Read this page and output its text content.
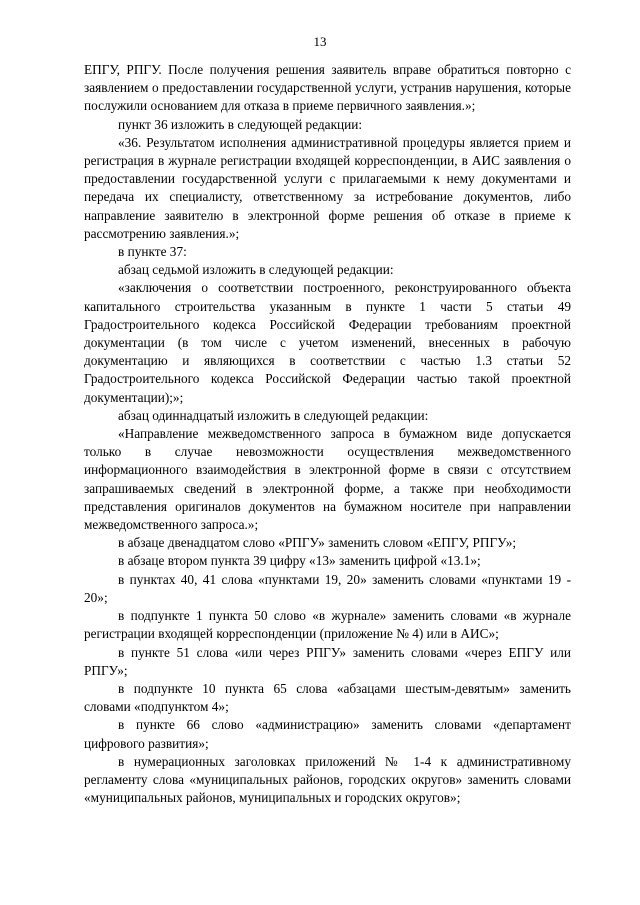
13

ЕПГУ, РПГУ. После получения решения заявитель вправе обратиться повторно с заявлением о предоставлении государственной услуги, устранив нарушения, которые послужили основанием для отказа в приеме первичного заявления.»;

пункт 36 изложить в следующей редакции:

«36. Результатом исполнения административной процедуры является прием и регистрация в журнале регистрации входящей корреспонденции, в АИС заявления о предоставлении государственной услуги с прилагаемыми к нему документами и передача их специалисту, ответственному за истребование документов, либо направление заявителю в электронной форме решения об отказе в приеме к рассмотрению заявления.»;

в пункте 37:

абзац седьмой изложить в следующей редакции:

«заключения о соответствии построенного, реконструированного объекта капитального строительства указанным в пункте 1 части 5 статьи 49 Градостроительного кодекса Российской Федерации требованиям проектной документации (в том числе с учетом изменений, внесенных в рабочую документацию и являющихся в соответствии с частью 1.3 статьи 52 Градостроительного кодекса Российской Федерации частью такой проектной документации);»;

абзац одиннадцатый изложить в следующей редакции:

«Направление межведомственного запроса в бумажном виде допускается только в случае невозможности осуществления межведомственного информационного взаимодействия в электронной форме в связи с отсутствием запрашиваемых сведений в электронной форме, а также при необходимости представления оригиналов документов на бумажном носителе при направлении межведомственного запроса.»;

в абзаце двенадцатом слово «РПГУ» заменить словом «ЕПГУ, РПГУ»;

в абзаце втором пункта 39 цифру «13» заменить цифрой «13.1»;

в пунктах 40, 41 слова «пунктами 19, 20» заменить словами «пунктами 19 - 20»;

в подпункте 1 пункта 50 слово «в журнале» заменить словами «в журнале регистрации входящей корреспонденции (приложение № 4) или в АИС»;

в пункте 51 слова «или через РПГУ» заменить словами «через ЕПГУ или РПГУ»;

в подпункте 10 пункта 65 слова «абзацами шестым-девятым» заменить словами «подпунктом 4»;

в пункте 66 слово «администрацию» заменить словами «департамент цифрового развития»;

в нумерационных заголовках приложений № 1-4 к административному регламенту слова «муниципальных районов, городских округов» заменить словами «муниципальных районов, муниципальных и городских округов»;
